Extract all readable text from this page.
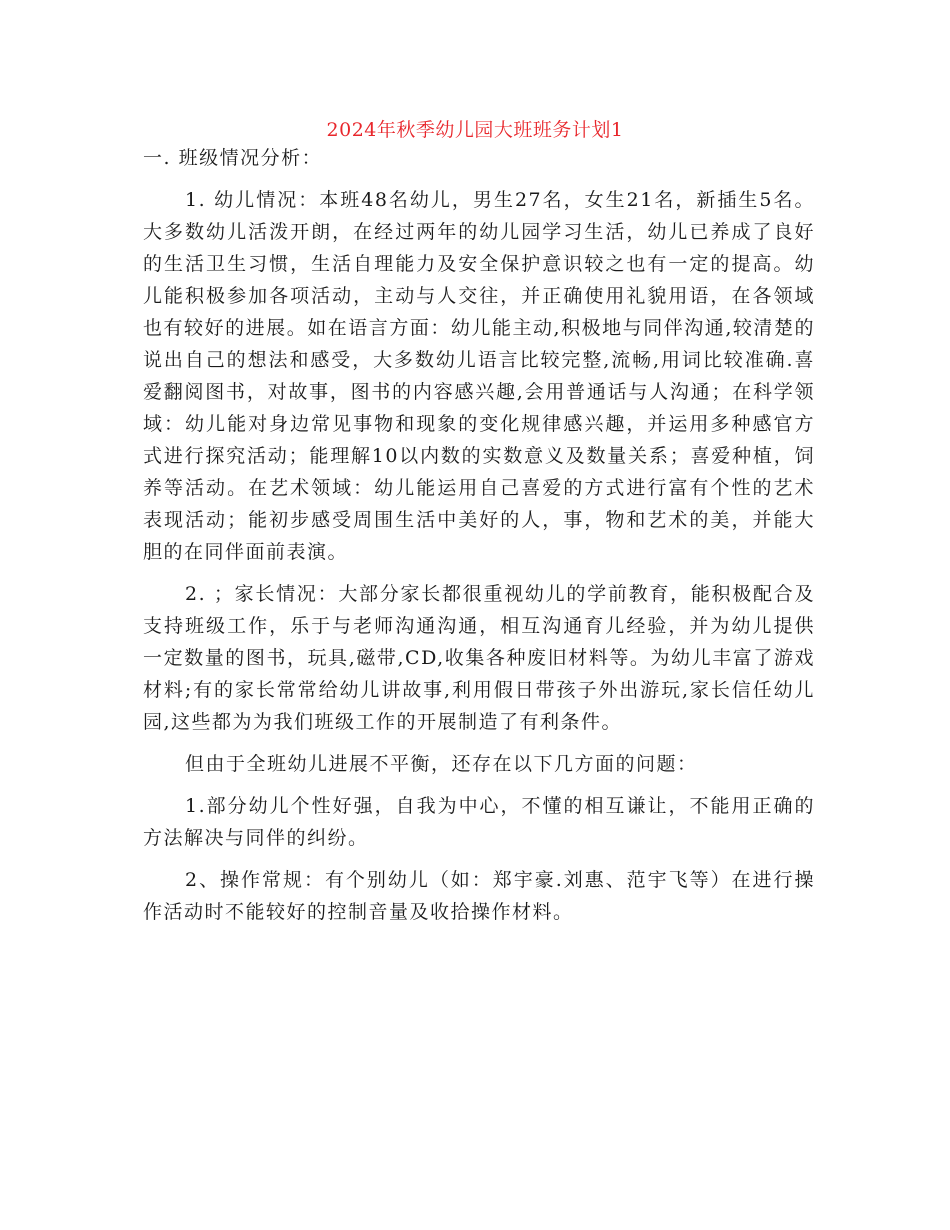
2024年秋季幼儿园大班班务计划1

一. 班级情况分析：

1. 幼儿情况：本班48名幼儿，男生27名，女生21名，新插生5名。大多数幼儿活泼开朗，在经过两年的幼儿园学习生活，幼儿已养成了良好的生活卫生习惯，生活自理能力及安全保护意识较之也有一定的提高。幼儿能积极参加各项活动，主动与人交往，并正确使用礼貌用语，在各领域也有较好的进展。如在语言方面：幼儿能主动,积极地与同伴沟通,较清楚的说出自己的想法和感受，大多数幼儿语言比较完整,流畅,用词比较准确.喜爱翻阅图书，对故事，图书的内容感兴趣,会用普通话与人沟通；在科学领域：幼儿能对身边常见事物和现象的变化规律感兴趣，并运用多种感官方式进行探究活动；能理解10以内数的实数意义及数量关系；喜爱种植，饲养等活动。在艺术领域：幼儿能运用自己喜爱的方式进行富有个性的艺术表现活动；能初步感受周围生活中美好的人，事，物和艺术的美，并能大胆的在同伴面前表演。

2. ；家长情况：大部分家长都很重视幼儿的学前教育，能积极配合及支持班级工作，乐于与老师沟通沟通，相互沟通育儿经验，并为幼儿提供一定数量的图书，玩具,磁带,CD,收集各种废旧材料等。为幼儿丰富了游戏材料;有的家长常常给幼儿讲故事,利用假日带孩子外出游玩,家长信任幼儿园,这些都为为我们班级工作的开展制造了有利条件。

但由于全班幼儿进展不平衡，还存在以下几方面的问题：

1.部分幼儿个性好强，自我为中心，不懂的相互谦让，不能用正确的方法解决与同伴的纠纷。

2、操作常规：有个别幼儿（如：郑宇豪.刘惠、范宇飞等）在进行操作活动时不能较好的控制音量及收拾操作材料。
